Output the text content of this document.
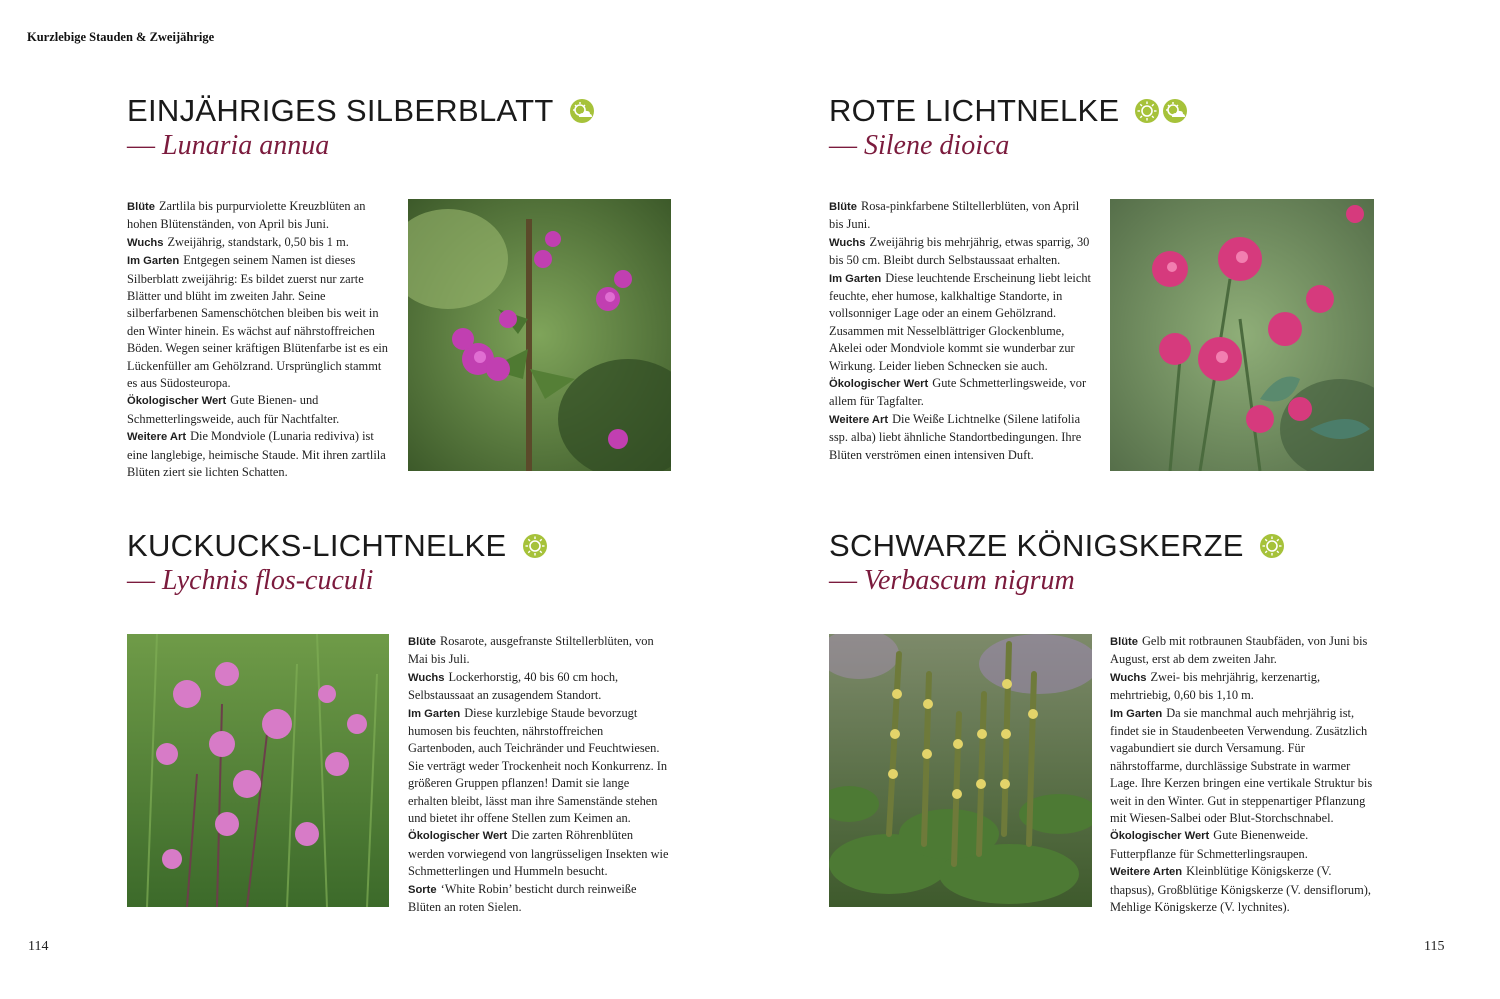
Kurzlebige Stauden & Zweijährige
EINJÄHRIGES SILBERBLATT
— Lunaria annua

Blüte Zartlila bis purpurviolette Kreuzblüten an hohen Blütenständen, von April bis Juni.

Wuchs Zweijährig, standstark, 0,50 bis 1 m.

Im Garten Entgegen seinem Namen ist dieses Silberblatt zweijährig: Es bildet zuerst nur zarte Blätter und blüht im zweiten Jahr. Seine silberfarbenen Samenschötchen bleiben bis weit in den Winter hinein. Es wächst auf nährstoffreichen Böden. Wegen seiner kräftigen Blütenfarbe ist es ein Lückenfüller am Gehölzrand. Ursprünglich stammt es aus Südosteuropa.

Ökologischer Wert Gute Bienen- und Schmetterlingsweide, auch für Nachtfalter.

Weitere Art Die Mondviole (Lunaria rediviva) ist eine langlebige, heimische Staude. Mit ihren zartlila Blüten ziert sie lichten Schatten.

ROTE LICHTNELKE
— Silene dioica

Blüte Rosa-pinkfarbene Stiltellerblüten, von April bis Juni.

Wuchs Zweijährig bis mehrjährig, etwas sparrig, 30 bis 50 cm. Bleibt durch Selbstaussaat erhalten.

Im Garten Diese leuchtende Erscheinung liebt leicht feuchte, eher humose, kalkhaltige Standorte, in vollsonniger Lage oder an einem Gehölzrand. Zusammen mit Nesselblättriger Glockenblume, Akelei oder Mondviole kommt sie wunderbar zur Wirkung. Leider lieben Schnecken sie auch.

Ökologischer Wert Gute Schmetterlingsweide, vor allem für Tagfalter.

Weitere Art Die Weiße Lichtnelke (Silene latifolia ssp. alba) liebt ähnliche Standortbedingungen. Ihre Blüten verströmen einen intensiven Duft.

KUCKUCKS-LICHTNELKE
— Lychnis flos-cuculi

Blüte Rosarote, ausgefranste Stiltellerblüten, von Mai bis Juli.

Wuchs Lockerhorstig, 40 bis 60 cm hoch, Selbstaussaat an zusagendem Standort.

Im Garten Diese kurzlebige Staude bevorzugt humosen bis feuchten, nährstoffreichen Gartenboden, auch Teichränder und Feuchtwiesen. Sie verträgt weder Trockenheit noch Konkurrenz. In größeren Gruppen pflanzen! Damit sie lange erhalten bleibt, lässt man ihre Samenstände stehen und bietet ihr offene Stellen zum Keimen an.

Ökologischer Wert Die zarten Röhrenblüten werden vorwiegend von langrüsseligen Insekten wie Schmetterlingen und Hummeln besucht.

Sorte ‘White Robin’ besticht durch reinweiße Blüten an roten Sielen.

SCHWARZE KÖNIGSKERZE
— Verbascum nigrum

Blüte Gelb mit rotbraunen Staubfäden, von Juni bis August, erst ab dem zweiten Jahr.

Wuchs Zwei- bis mehrjährig, kerzenartig, mehrtriebig, 0,60 bis 1,10 m.

Im Garten Da sie manchmal auch mehrjährig ist, findet sie in Staudenbeeten Verwendung. Zusätzlich vagabundiert sie durch Versamung. Für nährstoffarme, durchlässige Substrate in warmer Lage. Ihre Kerzen bringen eine vertikale Struktur bis weit in den Winter. Gut in steppenartiger Pflanzung mit Wiesen-Salbei oder Blut-Storchschnabel.

Ökologischer Wert Gute Bienenweide. Futterpflanze für Schmetterlingsraupen.

Weitere Arten Kleinblütige Königskerze (V. thapsus), Großblütige Königskerze (V. densiflorum), Mehlige Königskerze (V. lychnites).

114	115
